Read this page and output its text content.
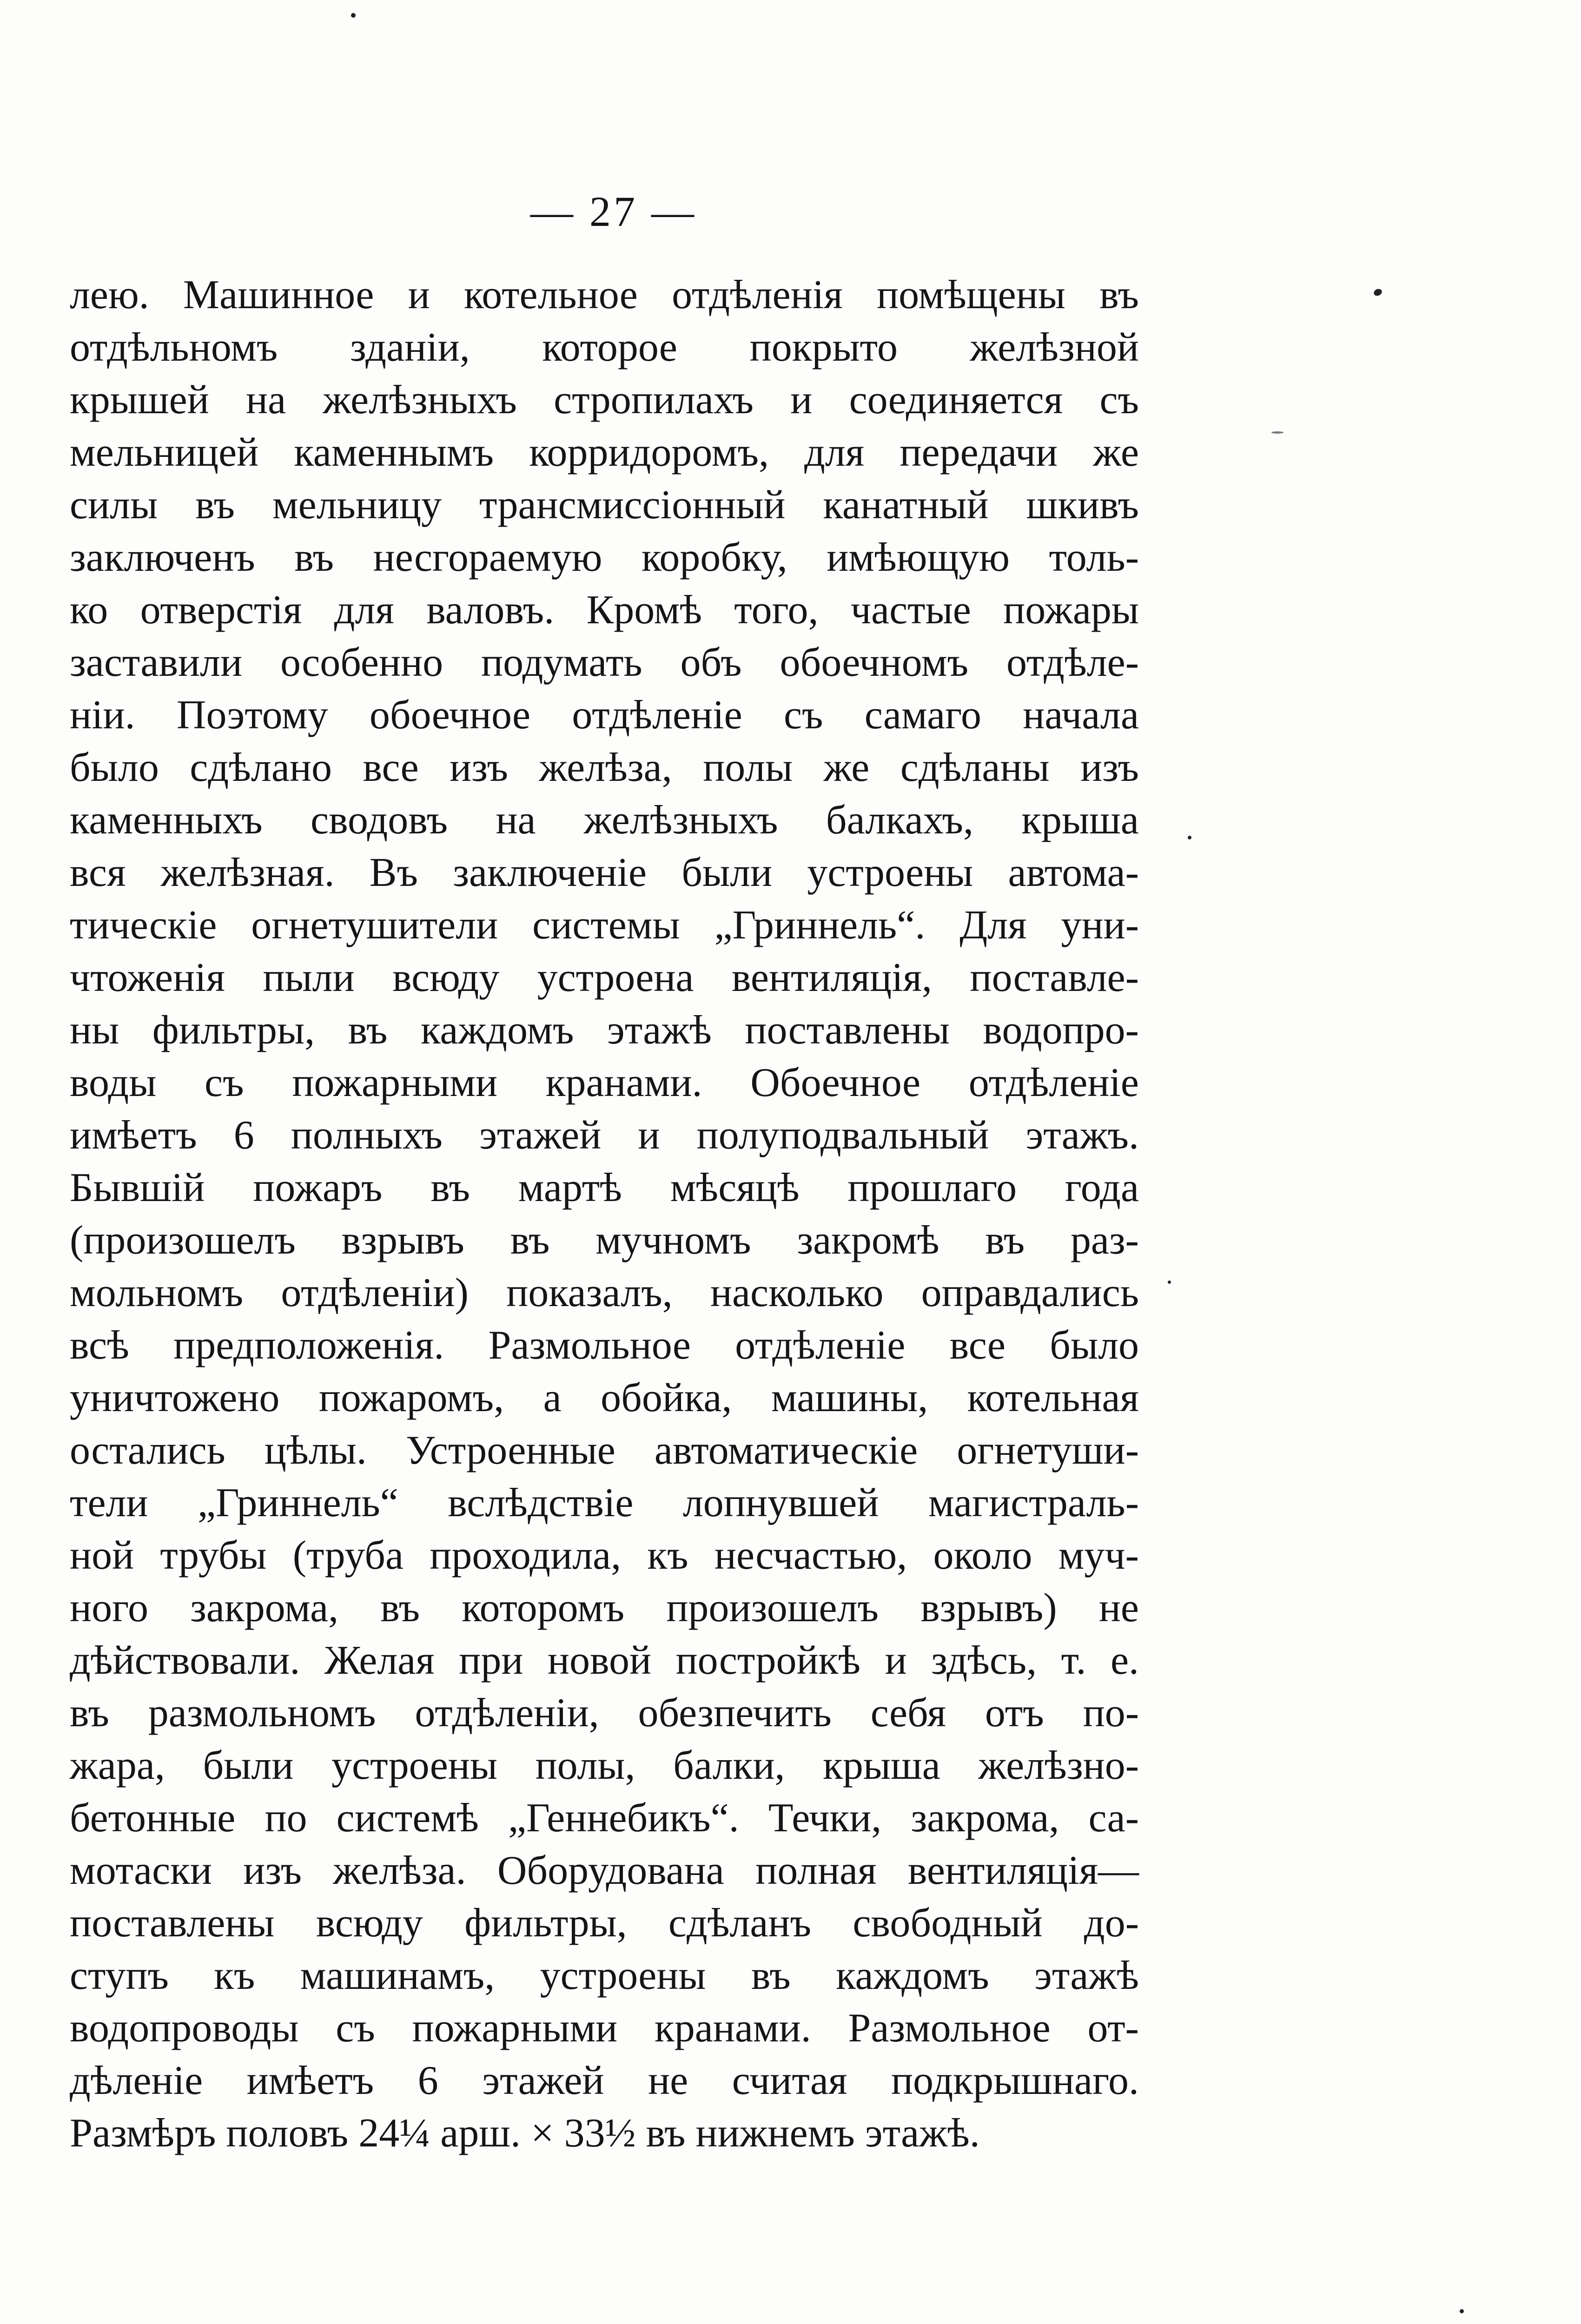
— 27 —
лею. Машинное и котельное отдѣленія помѣщены въ
отдѣльномъ зданіи, которое покрыто желѣзной
крышей на желѣзныхъ стропилахъ и соединяется съ
мельницей каменнымъ корридоромъ, для передачи же
силы въ мельницу трансмиссіонный канатный шкивъ
заключенъ въ несгораемую коробку, имѣющую толь-
ко отверстія для валовъ. Кромѣ того, частые пожары
заставили особенно подумать объ обоечномъ отдѣле-
ніи. Поэтому обоечное отдѣленіе съ самаго начала
было сдѣлано все изъ желѣза, полы же сдѣланы изъ
каменныхъ сводовъ на желѣзныхъ балкахъ, крыша
вся желѣзная. Въ заключеніе были устроены автома-
тическіе огнетушители системы „Гриннель“. Для уни-
чтоженія пыли всюду устроена вентиляція, поставле-
ны фильтры, въ каждомъ этажѣ поставлены водопро-
воды съ пожарными кранами. Обоечное отдѣленіе
имѣетъ 6 полныхъ этажей и полуподвальный этажъ.
Бывшій пожаръ въ мартѣ мѣсяцѣ прошлаго года
(произошелъ взрывъ въ мучномъ закромѣ въ раз-
мольномъ отдѣленіи) показалъ, насколько оправдались
всѣ предположенія. Размольное отдѣленіе все было
уничтожено пожаромъ, а обойка, машины, котельная
остались цѣлы. Устроенные автоматическіе огнетуши-
тели „Гриннель“ вслѣдствіе лопнувшей магистраль-
ной трубы (труба проходила, къ несчастью, около муч-
ного закрома, въ которомъ произошелъ взрывъ) не
дѣйствовали. Желая при новой постройкѣ и здѣсь, т. е.
въ размольномъ отдѣленіи, обезпечить себя отъ по-
жара, были устроены полы, балки, крыша желѣзно-
бетонные по системѣ „Геннебикъ“. Течки, закрома, са-
мотаски изъ желѣза. Оборудована полная вентиляція—
поставлены всюду фильтры, сдѣланъ свободный до-
ступъ къ машинамъ, устроены въ каждомъ этажѣ
водопроводы съ пожарными кранами. Размольное от-
дѣленіе имѣетъ 6 этажей не считая подкрышнаго.
Размѣръ половъ 24¼ арш. × 33½ въ нижнемъ этажѣ.
